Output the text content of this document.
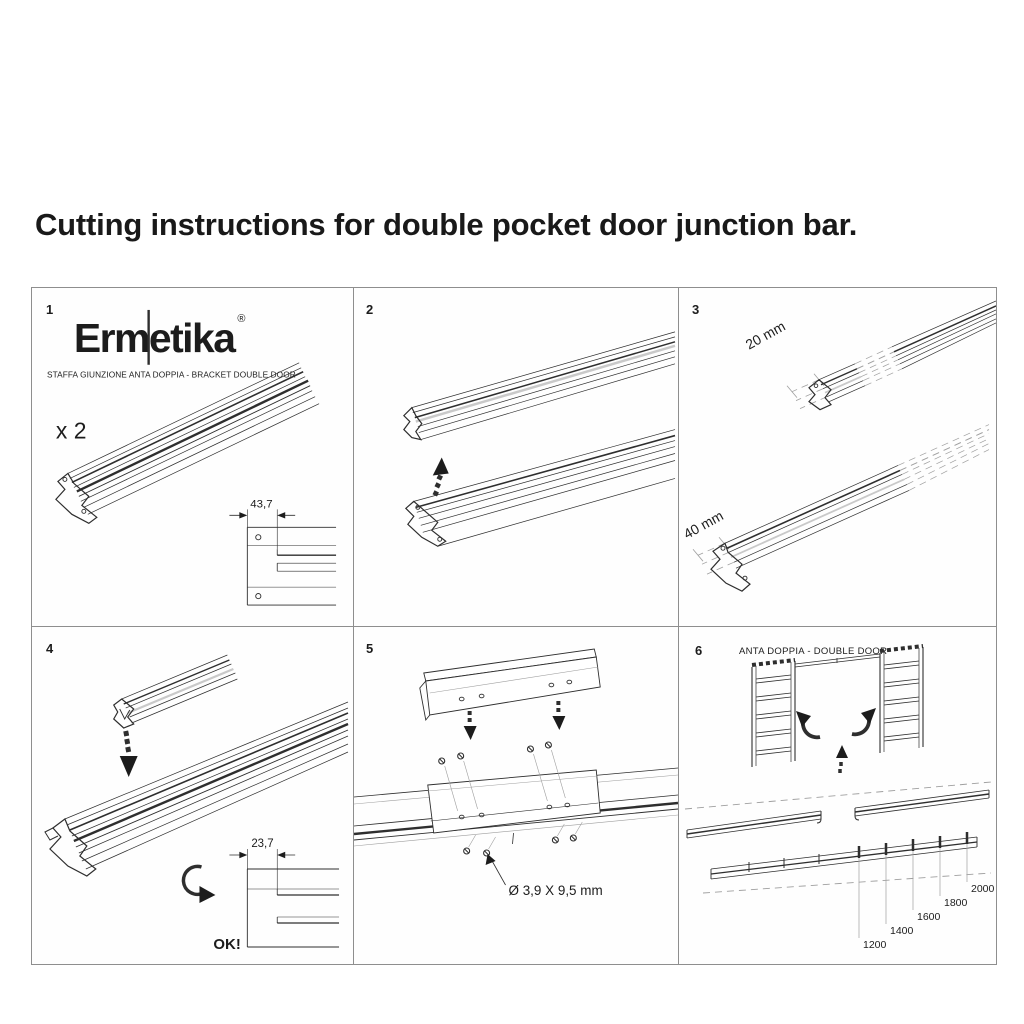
Cutting instructions for double pocket door junction bar.
1
Ermetika ®
STAFFA GIUNZIONE ANTA DOPPIA - BRACKET DOUBLE DOOR
x 2
43,7
2	3
20 mm
40 mm
4
23,7
OK!
5
Ø 3,9 X 9,5 mm
6	ANTA DOPPIA - DOUBLE DOOR
1200
1400
1600
1800
2000
